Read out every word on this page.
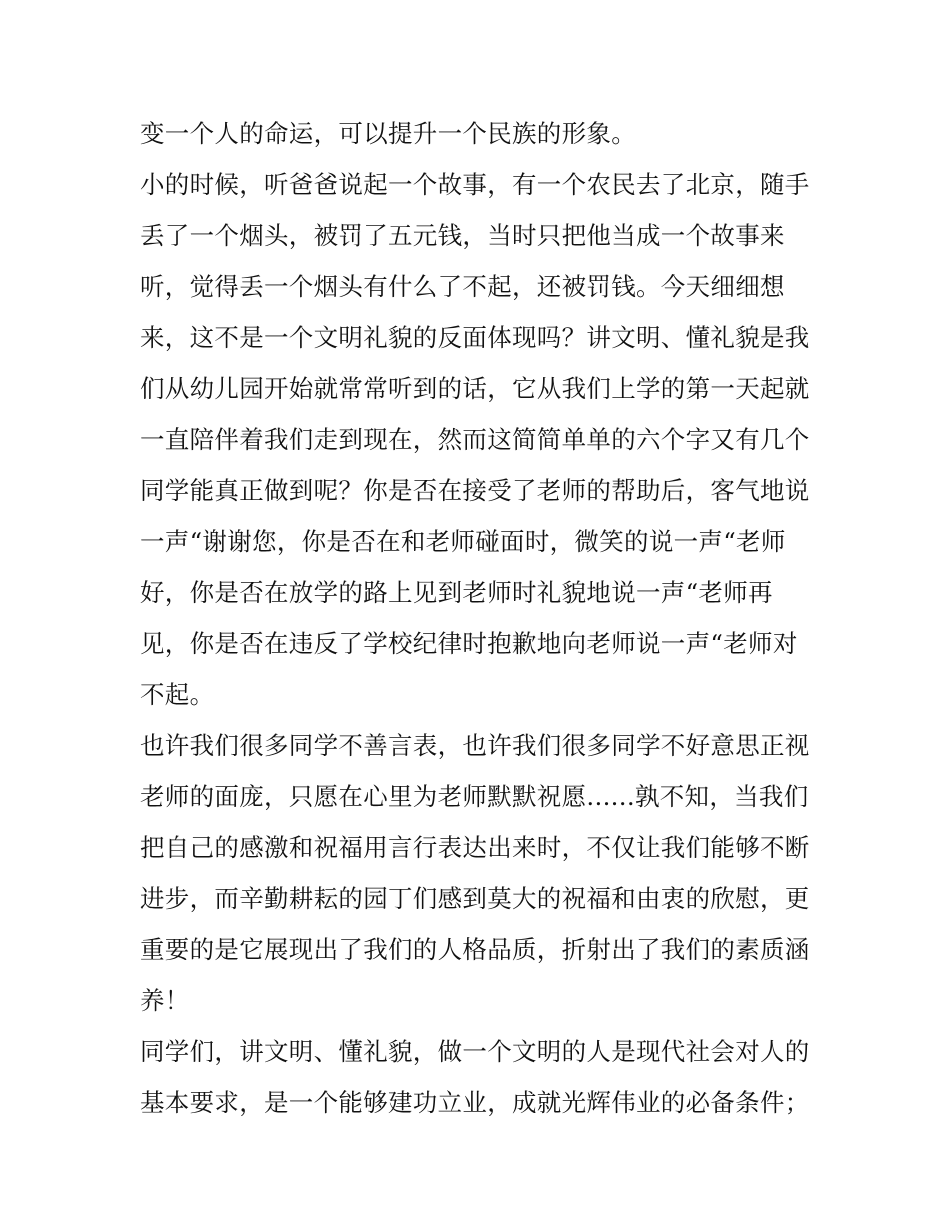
变一个人的命运，可以提升一个民族的形象。
小的时候，听爸爸说起一个故事，有一个农民去了北京，随手
丢了一个烟头，被罚了五元钱，当时只把他当成一个故事来
听，觉得丢一个烟头有什么了不起，还被罚钱。今天细细想
来，这不是一个文明礼貌的反面体现吗？讲文明、懂礼貌是我
们从幼儿园开始就常常听到的话，它从我们上学的第一天起就
一直陪伴着我们走到现在，然而这简简单单的六个字又有几个
同学能真正做到呢？你是否在接受了老师的帮助后，客气地说
一声“谢谢您，你是否在和老师碰面时，微笑的说一声“老师
好，你是否在放学的路上见到老师时礼貌地说一声“老师再
见，你是否在违反了学校纪律时抱歉地向老师说一声“老师对
不起。
也许我们很多同学不善言表，也许我们很多同学不好意思正视
老师的面庞，只愿在心里为老师默默祝愿......孰不知，当我们
把自己的感激和祝福用言行表达出来时，不仅让我们能够不断
进步，而辛勤耕耘的园丁们感到莫大的祝福和由衷的欣慰，更
重要的是它展现出了我们的人格品质，折射出了我们的素质涵
养！
同学们，讲文明、懂礼貌，做一个文明的人是现代社会对人的
基本要求，是一个能够建功立业，成就光辉伟业的必备条件；
